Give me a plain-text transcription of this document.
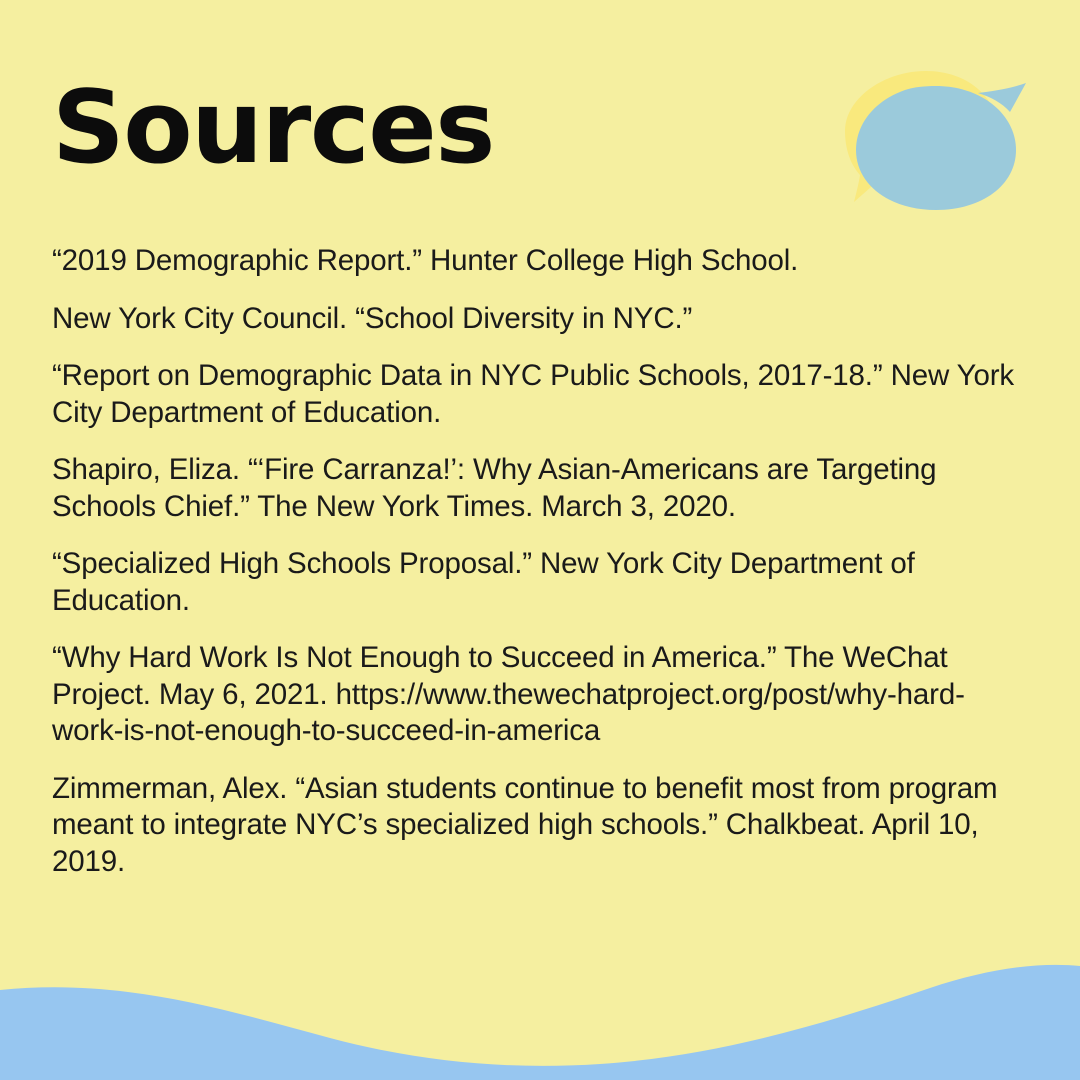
Sources

“2019 Demographic Report.” Hunter College High School.

New York City Council. “School Diversity in NYC.”

“Report on Demographic Data in NYC Public Schools, 2017-18.” New York City Department of Education.

Shapiro, Eliza. “‘Fire Carranza!’: Why Asian-Americans are Targeting Schools Chief.” The New York Times. March 3, 2020.

“Specialized High Schools Proposal.” New York City Department of Education.

“Why Hard Work Is Not Enough to Succeed in America.” The WeChat Project. May 6, 2021. https://www.thewechatproject.org/post/why-hard-work-is-not-enough-to-succeed-in-america

Zimmerman, Alex. “Asian students continue to benefit most from program meant to integrate NYC’s specialized high schools.” Chalkbeat. April 10, 2019.
